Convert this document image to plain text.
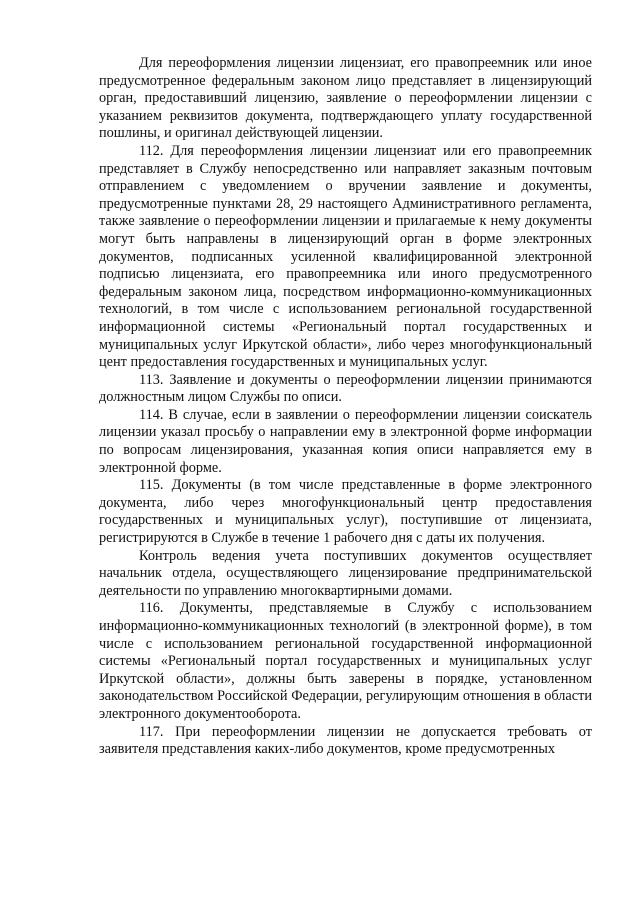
Для переоформления лицензии лицензиат, его правопреемник или иное предусмотренное федеральным законом лицо представляет в лицензирующий орган, предоставивший лицензию, заявление о переоформлении лицензии с указанием реквизитов документа, подтверждающего уплату государственной пошлины, и оригинал действующей лицензии.

112. Для переоформления лицензии лицензиат или его правопреемник представляет в Службу непосредственно или направляет заказным почтовым отправлением с уведомлением о вручении заявление и документы, предусмотренные пунктами 28, 29 настоящего Административного регламента, также заявление о переоформлении лицензии и прилагаемые к нему документы могут быть направлены в лицензирующий орган в форме электронных документов, подписанных усиленной квалифицированной электронной подписью лицензиата, его правопреемника или иного предусмотренного федеральным законом лица, посредством информационно-коммуникационных технологий, в том числе с использованием региональной государственной информационной системы «Региональный портал государственных и муниципальных услуг Иркутской области», либо через многофункциональный цент предоставления государственных и муниципальных услуг.

113. Заявление и документы о переоформлении лицензии принимаются должностным лицом Службы по описи.

114. В случае, если в заявлении о переоформлении лицензии соискатель лицензии указал просьбу о направлении ему в электронной форме информации по вопросам лицензирования, указанная копия описи направляется ему в электронной форме.

115. Документы (в том числе представленные в форме электронного документа, либо через многофункциональный центр предоставления государственных и муниципальных услуг), поступившие от лицензиата, регистрируются в Службе в течение 1 рабочего дня с даты их получения.

Контроль ведения учета поступивших документов осуществляет начальник отдела, осуществляющего лицензирование предпринимательской деятельности по управлению многоквартирными домами.

116. Документы, представляемые в Службу с использованием информационно-коммуникационных технологий (в электронной форме), в том числе с использованием региональной государственной информационной системы «Региональный портал государственных и муниципальных услуг Иркутской области», должны быть заверены в порядке, установленном законодательством Российской Федерации, регулирующим отношения в области электронного документооборота.

117. При переоформлении лицензии не допускается требовать от заявителя представления каких-либо документов, кроме предусмотренных
